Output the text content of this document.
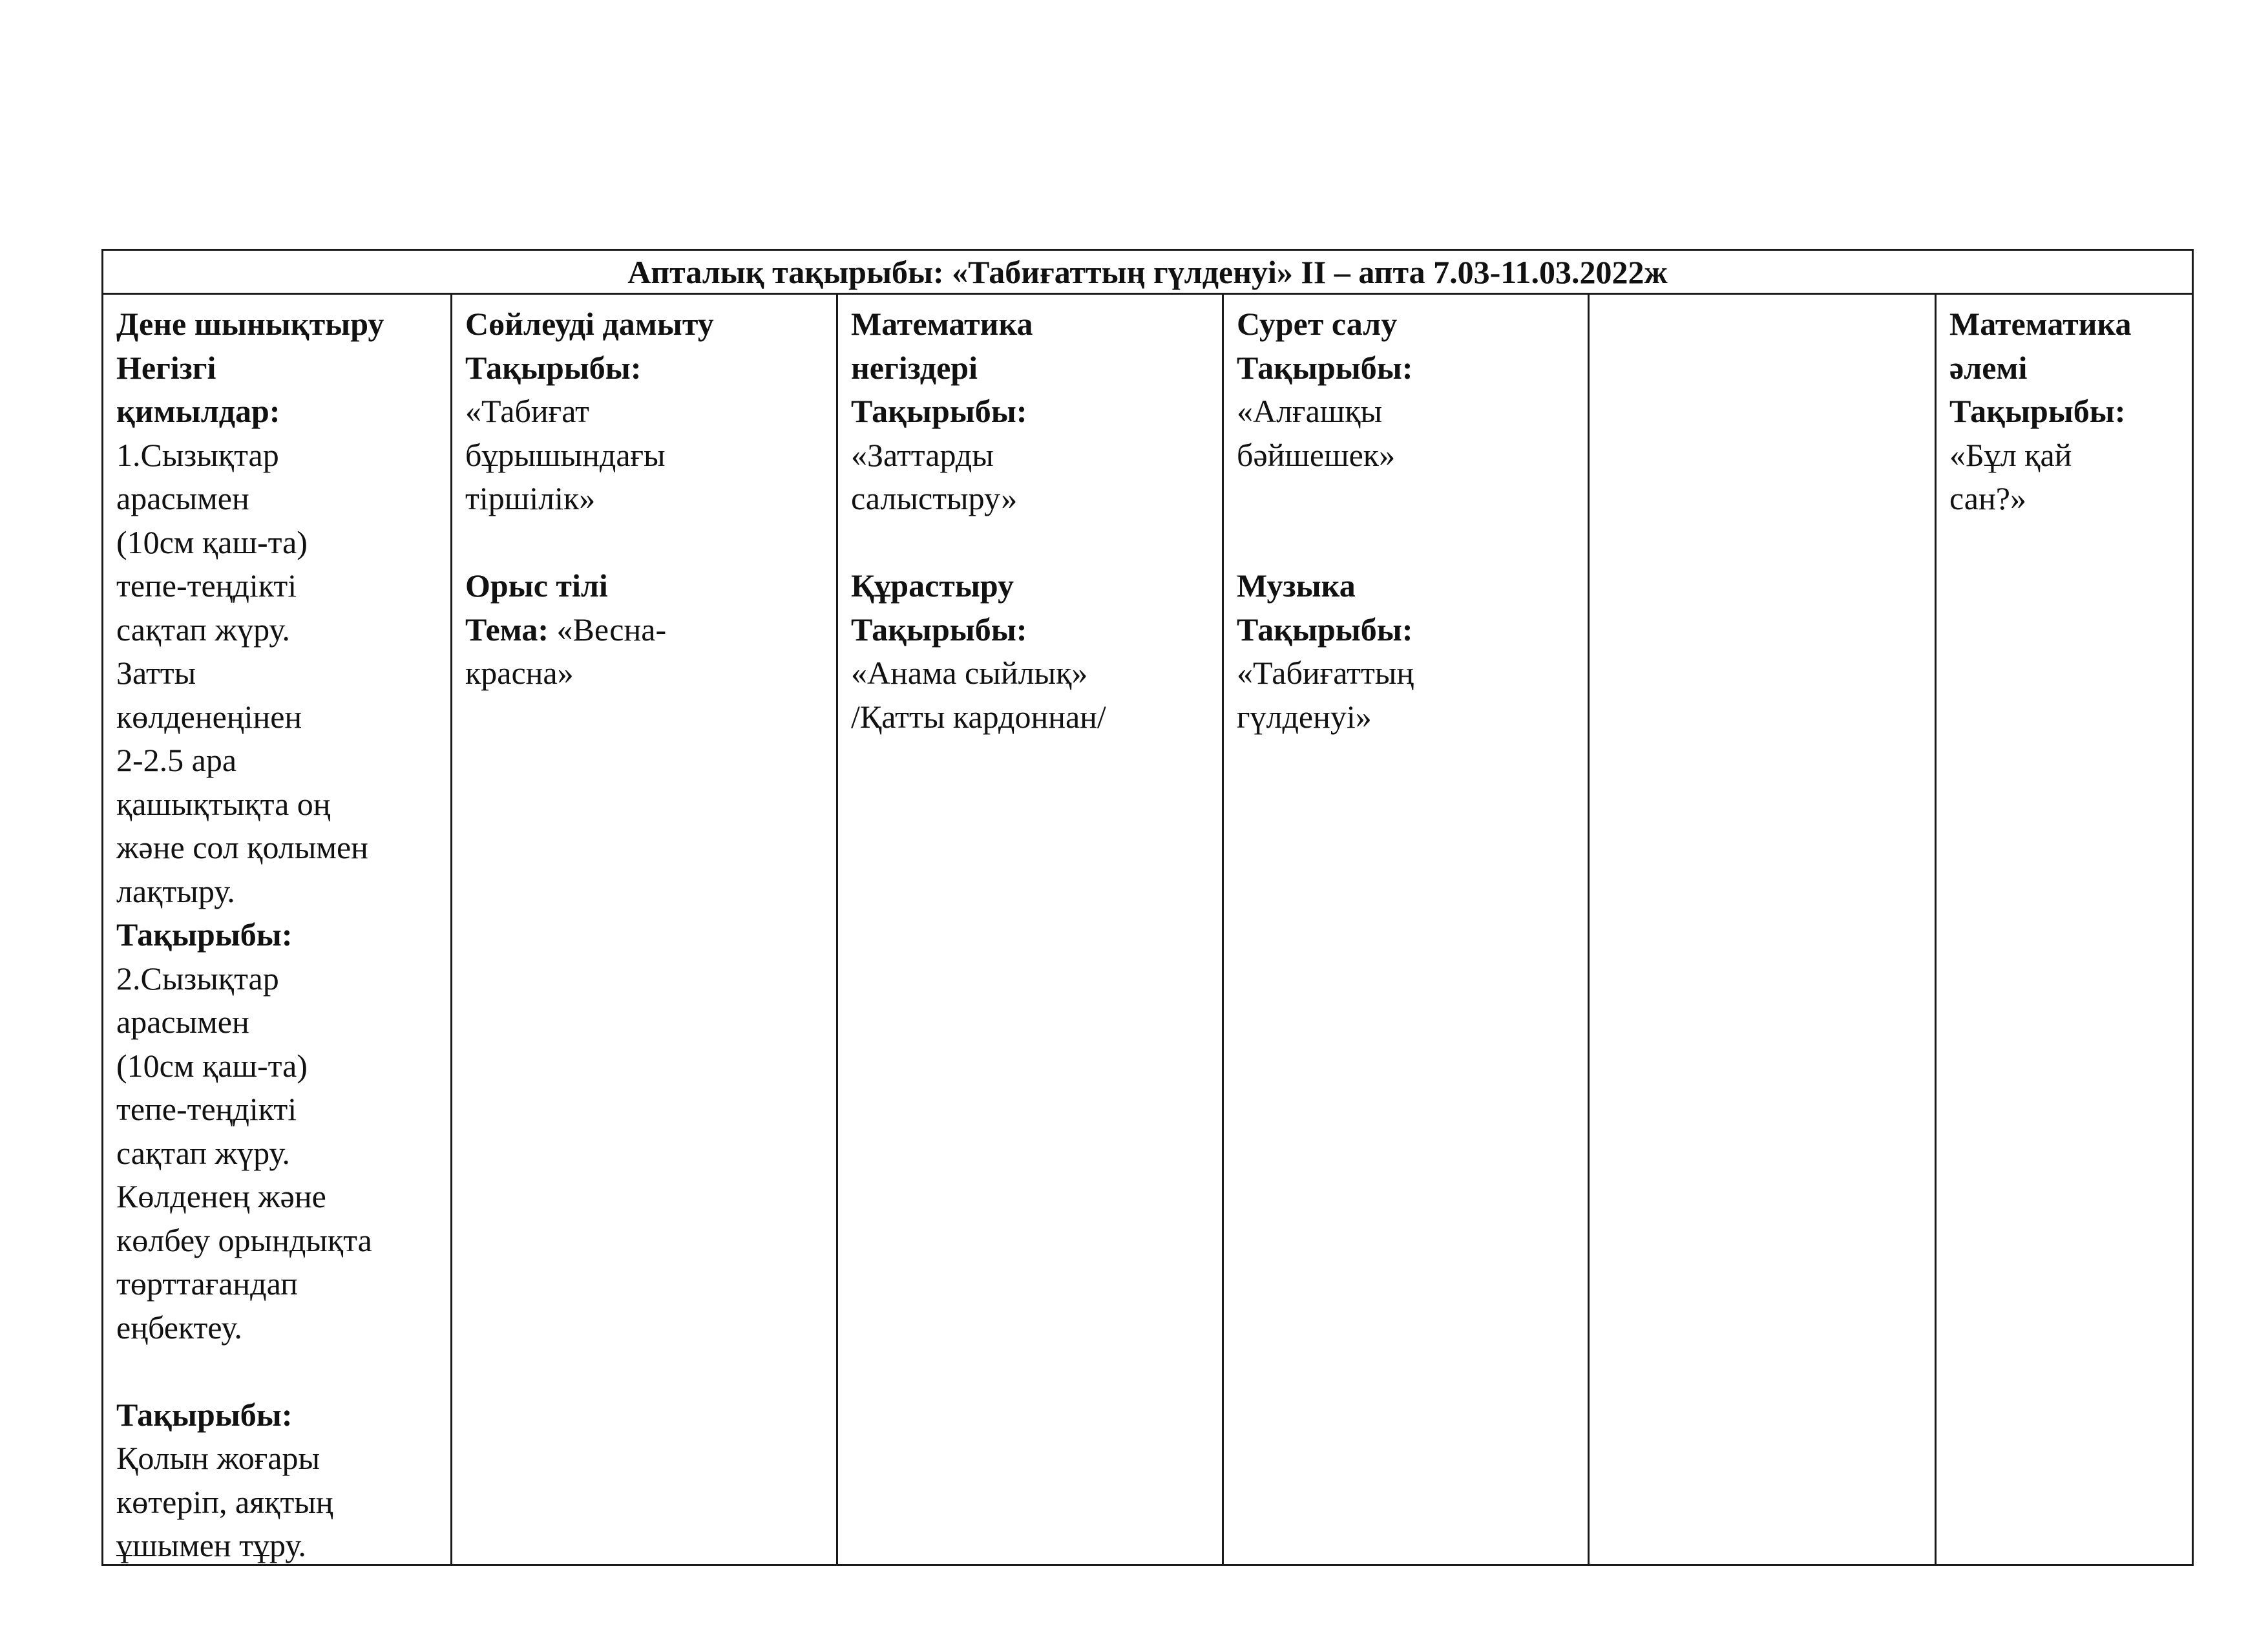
Апталық тақырыбы: «Табиғаттың гүлденуі» II – апта 7.03-11.03.2022ж
Дене шынықтыру
Негізгі
қимылдар:
1.Сызықтар
арасымен
(10см қаш-та)
тепе-теңдікті
сақтап жүру.
Затты
көлденеңінен
2-2.5 ара
қашықтықта оң
және сол қолымен
лақтыру.
Тақырыбы:
2.Сызықтар
арасымен
(10см қаш-та)
тепе-теңдікті
сақтап жүру.
Көлденең және
көлбеу орындықта
төрттағандап
еңбектеу.
Тақырыбы:
Қолын жоғары
көтеріп, аяқтың
ұшымен тұру.
Сөйлеуді дамыту
Тақырыбы:
«Табиғат
бұрышындағы
тіршілік»
Орыс тілі
Тема: «Весна-
красна»
Математика
негіздері
Тақырыбы:
«Заттарды
салыстыру»
Құрастыру
Тақырыбы:
«Анама сыйлық»
/Қатты кардоннан/
Сурет салу
Тақырыбы:
«Алғашқы
бәйшешек»
Музыка
Тақырыбы:
«Табиғаттың
гүлденуі»
Математика
әлемі
Тақырыбы:
«Бұл қай
сан?»
